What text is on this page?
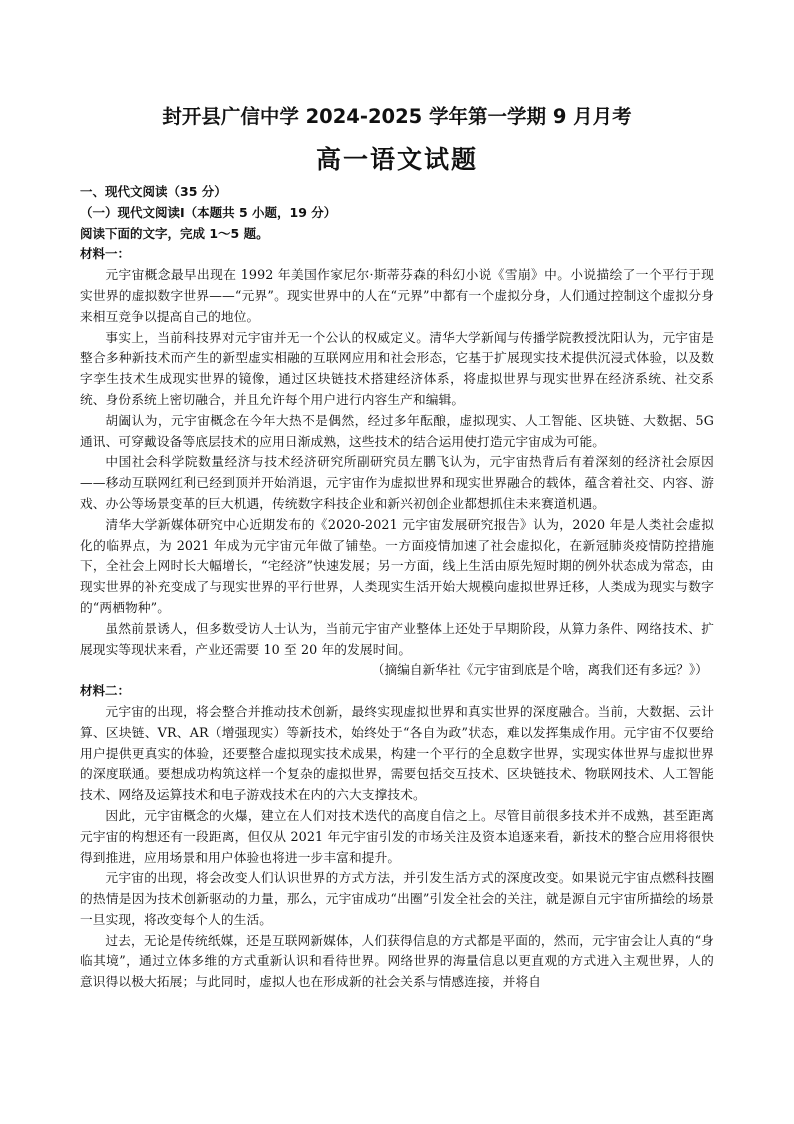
封开县广信中学 2024-2025 学年第一学期 9 月月考
高一语文试题
一、现代文阅读（35 分）
（一）现代文阅读Ⅰ（本题共 5 小题，19 分）
阅读下面的文字，完成 1～5 题。
材料一：

元宇宙概念最早出现在 1992 年美国作家尼尔·斯蒂芬森的科幻小说《雪崩》中。小说描绘了一个平行于现实世界的虚拟数字世界——“元界”。现实世界中的人在“元界”中都有一个虚拟分身，人们通过控制这个虚拟分身来相互竞争以提高自己的地位。

事实上，当前科技界对元宇宙并无一个公认的权威定义。清华大学新闻与传播学院教授沈阳认为，元宇宙是整合多种新技术而产生的新型虚实相融的互联网应用和社会形态，它基于扩展现实技术提供沉浸式体验，以及数字孪生技术生成现实世界的镜像，通过区块链技术搭建经济体系，将虚拟世界与现实世界在经济系统、社交系统、身份系统上密切融合，并且允许每个用户进行内容生产和编辑。

胡阖认为，元宇宙概念在今年大热不是偶然，经过多年酝酿，虚拟现实、人工智能、区块链、大数据、5G 通讯、可穿戴设备等底层技术的应用日渐成熟，这些技术的结合运用使打造元宇宙成为可能。

中国社会科学院数量经济与技术经济研究所副研究员左鹏飞认为，元宇宙热背后有着深刻的经济社会原因——移动互联网红利已经到顶并开始消退，元宇宙作为虚拟世界和现实世界融合的载体，蕴含着社交、内容、游戏、办公等场景变革的巨大机遇，传统数字科技企业和新兴初创企业都想抓住未来赛道机遇。

清华大学新媒体研究中心近期发布的《2020-2021 元宇宙发展研究报告》认为，2020 年是人类社会虚拟化的临界点，为 2021 年成为元宇宙元年做了铺垫。一方面疫情加速了社会虚拟化，在新冠肺炎疫情防控措施下，全社会上网时长大幅增长，“宅经济”快速发展；另一方面，线上生活由原先短时期的例外状态成为常态，由现实世界的补充变成了与现实世界的平行世界，人类现实生活开始大规模向虚拟世界迁移，人类成为现实与数字的“两栖物种”。

虽然前景诱人，但多数受访人士认为，当前元宇宙产业整体上还处于早期阶段，从算力条件、网络技术、扩展现实等现状来看，产业还需要 10 至 20 年的发展时间。

（摘编自新华社《元宇宙到底是个啥，离我们还有多远？》）

材料二：

元宇宙的出现，将会整合并推动技术创新，最终实现虚拟世界和真实世界的深度融合。当前，大数据、云计算、区块链、VR、AR（增强现实）等新技术，始终处于“各自为政”状态，难以发挥集成作用。元宇宙不仅要给用户提供更真实的体验，还要整合虚拟现实技术成果，构建一个平行的全息数字世界，实现实体世界与虚拟世界的深度联通。要想成功构筑这样一个复杂的虚拟世界，需要包括交互技术、区块链技术、物联网技术、人工智能技术、网络及运算技术和电子游戏技术在内的六大支撑技术。

因此，元宇宙概念的火爆，建立在人们对技术迭代的高度自信之上。尽管目前很多技术并不成熟，甚至距离元宇宙的构想还有一段距离，但仅从 2021 年元宇宙引发的市场关注及资本追逐来看，新技术的整合应用将很快得到推进，应用场景和用户体验也将进一步丰富和提升。

元宇宙的出现，将会改变人们认识世界的方式方法，并引发生活方式的深度改变。如果说元宇宙点燃科技圈的热情是因为技术创新驱动的力量，那么，元宇宙成功“出圈”引发全社会的关注，就是源自元宇宙所描绘的场景一旦实现，将改变每个人的生活。

过去，无论是传统纸媒，还是互联网新媒体，人们获得信息的方式都是平面的，然而，元宇宙会让人真的“身临其境”，通过立体多维的方式重新认识和看待世界。网络世界的海量信息以更直观的方式进入主观世界，人的意识得以极大拓展；与此同时，虚拟人也在形成新的社会关系与情感连接，并将自
